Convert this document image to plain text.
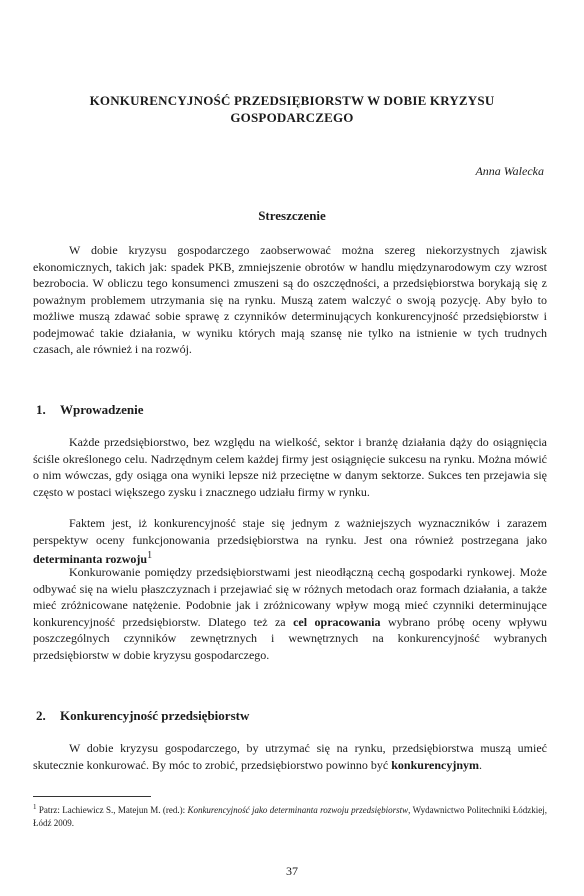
KONKURENCYJNOŚĆ PRZEDSIĘBIORSTW W DOBIE KRYZYSU GOSPODARCZEGO
Anna Walecka
Streszczenie

W dobie kryzysu gospodarczego zaobserwować można szereg niekorzystnych zjawisk ekonomicznych, takich jak: spadek PKB, zmniejszenie obrotów w handlu międzynarodowym czy wzrost bezrobocia. W obliczu tego konsumenci zmuszeni są do oszczędności, a przedsiębiorstwa borykają się z poważnym problemem utrzymania się na rynku. Muszą zatem walczyć o swoją pozycję. Aby było to możliwe muszą zdawać sobie sprawę z czynników determinujących konkurencyjność przedsiębiorstw i podejmować takie działania, w wyniku których mają szansę nie tylko na istnienie w tych trudnych czasach, ale również i na rozwój.

1. Wprowadzenie

Każde przedsiębiorstwo, bez względu na wielkość, sektor i branżę działania dąży do osiągnięcia ściśle określonego celu. Nadrzędnym celem każdej firmy jest osiągnięcie sukcesu na rynku. Można mówić o nim wówczas, gdy osiąga ona wyniki lepsze niż przeciętne w danym sektorze. Sukces ten przejawia się często w postaci większego zysku i znacznego udziału firmy w rynku.

Faktem jest, iż konkurencyjność staje się jednym z ważniejszych wyznaczników i zarazem perspektyw oceny funkcjonowania przedsiębiorstwa na rynku. Jest ona również postrzegana jako determinanta rozwoju$^1$

Konkurowanie pomiędzy przedsiębiorstwami jest nieodłączną cechą gospodarki rynkowej. Może odbywać się na wielu płaszczyznach i przejawiać się w różnych metodach oraz formach działania, a także mieć zróżnicowane natężenie. Podobnie jak i zróżnicowany wpływ mogą mieć czynniki determinujące konkurencyjność przedsiębiorstw. Dlatego też za cel opracowania wybrano próbę oceny wpływu poszczególnych czynników zewnętrznych i wewnętrznych na konkurencyjność wybranych przedsiębiorstw w dobie kryzysu gospodarczego.

2. Konkurencyjność przedsiębiorstw

W dobie kryzysu gospodarczego, by utrzymać się na rynku, przedsiębiorstwa muszą umieć skutecznie konkurować. By móc to zrobić, przedsiębiorstwo powinno być konkurencyjnym.

$^1$ Patrz: Lachiewicz S., Matejun M. (red.): Konkurencyjność jako determinanta rozwoju przedsiębiorstw, Wydawnictwo Politechniki Łódzkiej, Łódź 2009.

37
